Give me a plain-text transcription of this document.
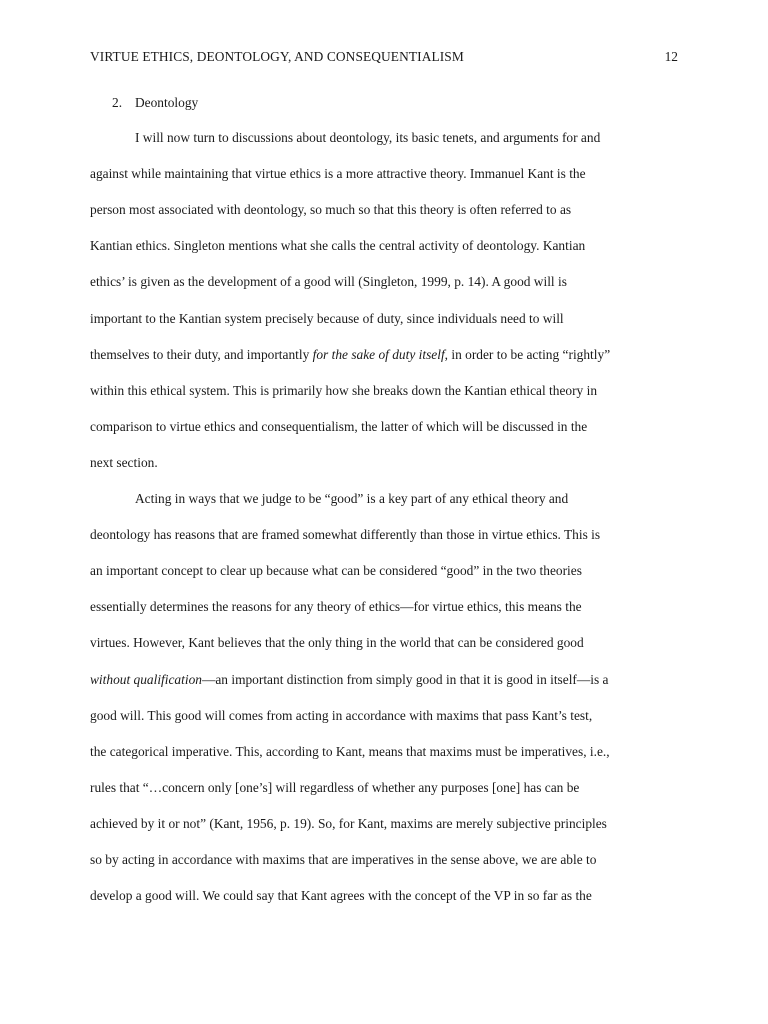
VIRTUE ETHICS, DEONTOLOGY, AND CONSEQUENTIALISM	12
2. Deontology
I will now turn to discussions about deontology, its basic tenets, and arguments for and
against while maintaining that virtue ethics is a more attractive theory. Immanuel Kant is the
person most associated with deontology, so much so that this theory is often referred to as
Kantian ethics. Singleton mentions what she calls the central activity of deontology. Kantian
ethics’ is given as the development of a good will (Singleton, 1999, p. 14). A good will is
important to the Kantian system precisely because of duty, since individuals need to will
themselves to their duty, and importantly for the sake of duty itself, in order to be acting “rightly”
within this ethical system. This is primarily how she breaks down the Kantian ethical theory in
comparison to virtue ethics and consequentialism, the latter of which will be discussed in the
next section.
Acting in ways that we judge to be “good” is a key part of any ethical theory and
deontology has reasons that are framed somewhat differently than those in virtue ethics. This is
an important concept to clear up because what can be considered “good” in the two theories
essentially determines the reasons for any theory of ethics—for virtue ethics, this means the
virtues. However, Kant believes that the only thing in the world that can be considered good
without qualification—an important distinction from simply good in that it is good in itself—is a
good will. This good will comes from acting in accordance with maxims that pass Kant’s test,
the categorical imperative. This, according to Kant, means that maxims must be imperatives, i.e.,
rules that “…concern only [one’s] will regardless of whether any purposes [one] has can be
achieved by it or not” (Kant, 1956, p. 19). So, for Kant, maxims are merely subjective principles
so by acting in accordance with maxims that are imperatives in the sense above, we are able to
develop a good will. We could say that Kant agrees with the concept of the VP in so far as the
